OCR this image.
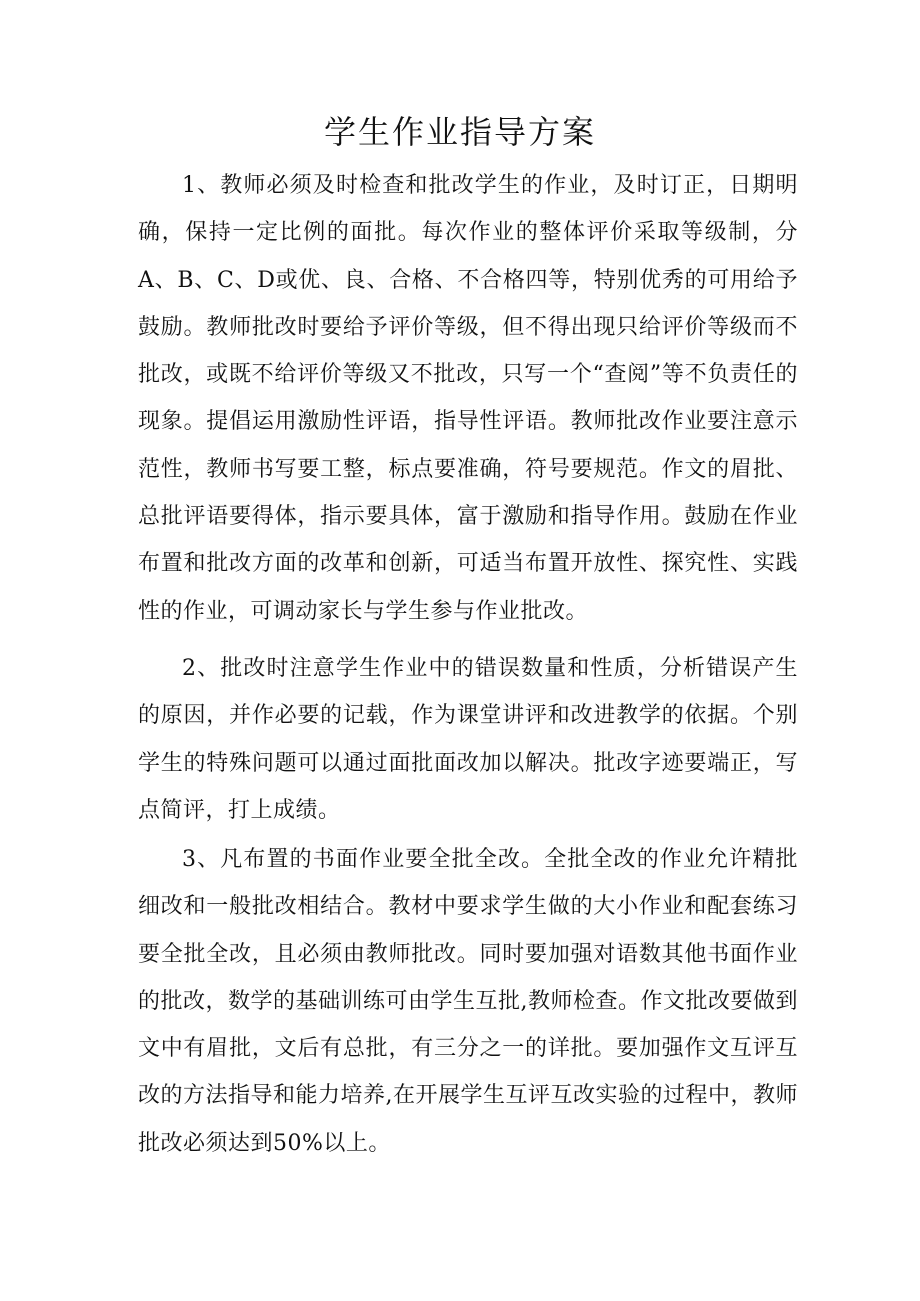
学生作业指导方案

1、教师必须及时检查和批改学生的作业，及时订正，日期明确，保持一定比例的面批。每次作业的整体评价采取等级制，分A、B、C、D或优、良、合格、不合格四等，特别优秀的可用给予鼓励。教师批改时要给予评价等级，但不得出现只给评价等级而不批改，或既不给评价等级又不批改，只写一个“查阅”等不负责任的现象。提倡运用激励性评语，指导性评语。教师批改作业要注意示范性，教师书写要工整，标点要准确，符号要规范。作文的眉批、总批评语要得体，指示要具体，富于激励和指导作用。鼓励在作业布置和批改方面的改革和创新，可适当布置开放性、探究性、实践性的作业，可调动家长与学生参与作业批改。

2、批改时注意学生作业中的错误数量和性质，分析错误产生的原因，并作必要的记载，作为课堂讲评和改进教学的依据。个别学生的特殊问题可以通过面批面改加以解决。批改字迹要端正，写点简评，打上成绩。

3、凡布置的书面作业要全批全改。全批全改的作业允许精批细改和一般批改相结合。教材中要求学生做的大小作业和配套练习要全批全改，且必须由教师批改。同时要加强对语数其他书面作业的批改，数学的基础训练可由学生互批,教师检查。作文批改要做到文中有眉批，文后有总批，有三分之一的详批。要加强作文互评互改的方法指导和能力培养,在开展学生互评互改实验的过程中，教师批改必须达到50%以上。
